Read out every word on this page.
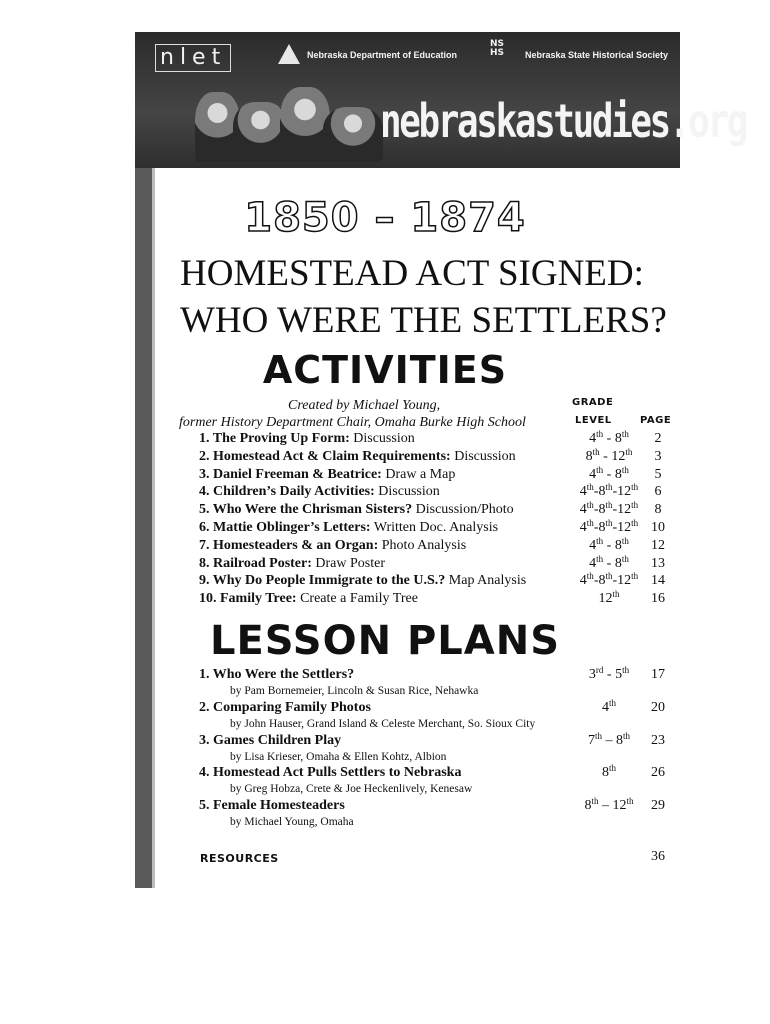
nlet	Nebraska Department of Education
NS
HS	Nebraska State Historical Society
nebraskastudies.org
1850 – 1874
HOMESTEAD ACT SIGNED:
WHO WERE THE SETTLERS?
ACTIVITIES
Created by Michael Young,
former History Department Chair, Omaha Burke High School
GRADE
LEVEL	PAGE
1. The Proving Up Form: Discussion	4th - 8th	2
2. Homestead Act & Claim Requirements: Discussion	8th - 12th	3
3. Daniel Freeman & Beatrice: Draw a Map	4th - 8th	5
4. Children’s Daily Activities: Discussion	4th-8th-12th	6
5. Who Were the Chrisman Sisters? Discussion/Photo	4th-8th-12th	8
6. Mattie Oblinger’s Letters: Written Doc. Analysis	4th-8th-12th 10
7. Homesteaders & an Organ: Photo Analysis	4th - 8th	12
8. Railroad Poster: Draw Poster	4th - 8th	13
9. Why Do People Immigrate to the U.S.? Map Analysis	4th-8th-12th 14
10. Family Tree: Create a Family Tree	12th	16
LESSON PLANS
1. Who Were the Settlers?	3rd - 5th	17
by Pam Bornemeier, Lincoln & Susan Rice, Nehawka
2. Comparing Family Photos	4th	20
by John Hauser, Grand Island & Celeste Merchant, So. Sioux City
3. Games Children Play	7th – 8th	23
by Lisa Krieser, Omaha & Ellen Kohtz, Albion
4. Homestead Act Pulls Settlers to Nebraska	8th	26
by Greg Hobza, Crete & Joe Heckenlively, Kenesaw
5. Female Homesteaders	8th – 12th	29
by Michael Young, Omaha
RESOURCES	36
